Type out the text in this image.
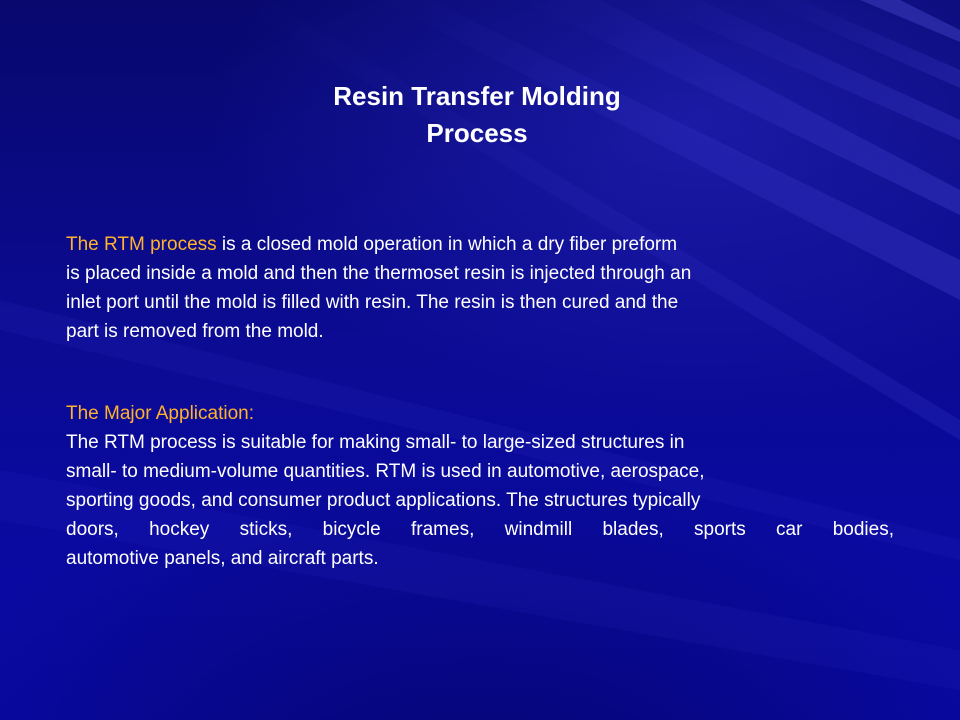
Resin Transfer Molding
Process
The RTM process is a closed mold operation in which a dry fiber preform
is placed inside a mold and then the thermoset resin is injected through an
inlet port until the mold is filled with resin. The resin is then cured and the
part is removed from the mold.
The Major Application:
The RTM process is suitable for making small- to large-sized structures in
small- to medium-volume quantities. RTM is used in automotive, aerospace,
sporting goods, and consumer product applications. The structures typically
doors, hockey sticks, bicycle frames, windmill blades, sports car bodies,
automotive panels, and aircraft parts.
